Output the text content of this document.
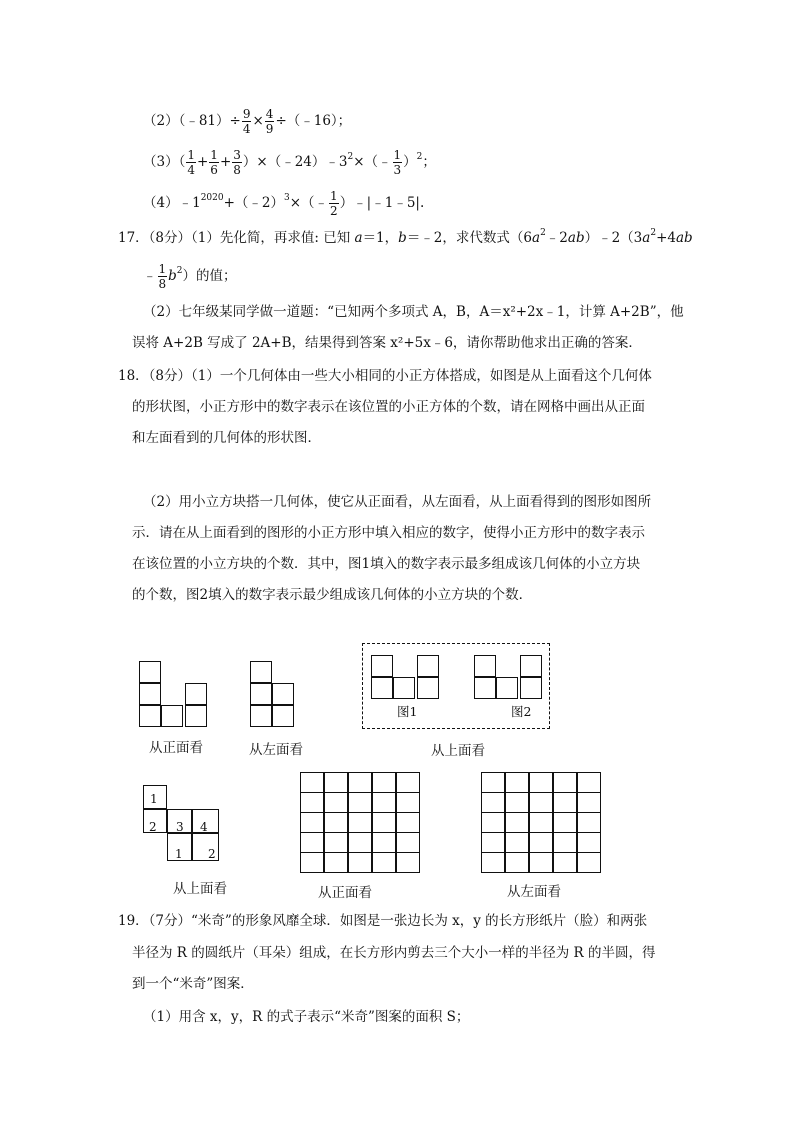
（2）（﹣81）÷ $\frac{9}{4} \times \frac{4}{9}$ ÷（﹣16）；
$(3)( \frac{1}{4} + \frac{1}{6} + \frac{3}{8}$ ）$\times(﹣24)﹣3^2\times(﹣ \frac{1}{3} )^2$；
$(4)﹣1^{2020}+(﹣2)^3\times(﹣ \frac{1}{2}$ ）﹣|﹣1﹣5|.
17．（8分）（1）先化简，再求值: 已知 a＝1，b＝﹣2，求代数式$(6a^2﹣2ab)﹣2(3a^2+4ab$
﹣ $\frac{1}{8} b^2$）的值；
（2）七年级某同学做一道题：“已知两个多项式 A，B，A＝x²+2x﹣1，计算 A+2B”，他
误将 A+2B 写成了 2A+B，结果得到答案 x²+5x﹣6，请你帮助他求出正确的答案．
18．（8分）（1）一个几何体由一些大小相同的小正方体搭成，如图是从上面看这个几何体
的形状图，小正方形中的数字表示在该位置的小正方体的个数，请在网格中画出从正面
和左面看到的几何体的形状图．
（2）用小立方块搭一几何体，使它从正面看，从左面看，从上面看得到的图形如图所
示．请在从上面看到的图形的小正方形中填入相应的数字，使得小正方形中的数字表示
在该位置的小立方块的个数．其中，图1填入的数字表示最多组成该几何体的小立方块
的个数，图2填入的数字表示最少组成该几何体的小立方块的个数．
从正面看	从左面看
图1	图2
从上面看
1
2 3 4
1 2
从上面看	从正面看	从左面看
19．（7分）“米奇”的形象风靡全球．如图是一张边长为 x，y 的长方形纸片（脸）和两张
半径为 R 的圆纸片（耳朵）组成，在长方形内剪去三个大小一样的半径为 R 的半圆，得
到一个“米奇”图案．
（1）用含 x，y，R 的式子表示“米奇”图案的面积 S；
